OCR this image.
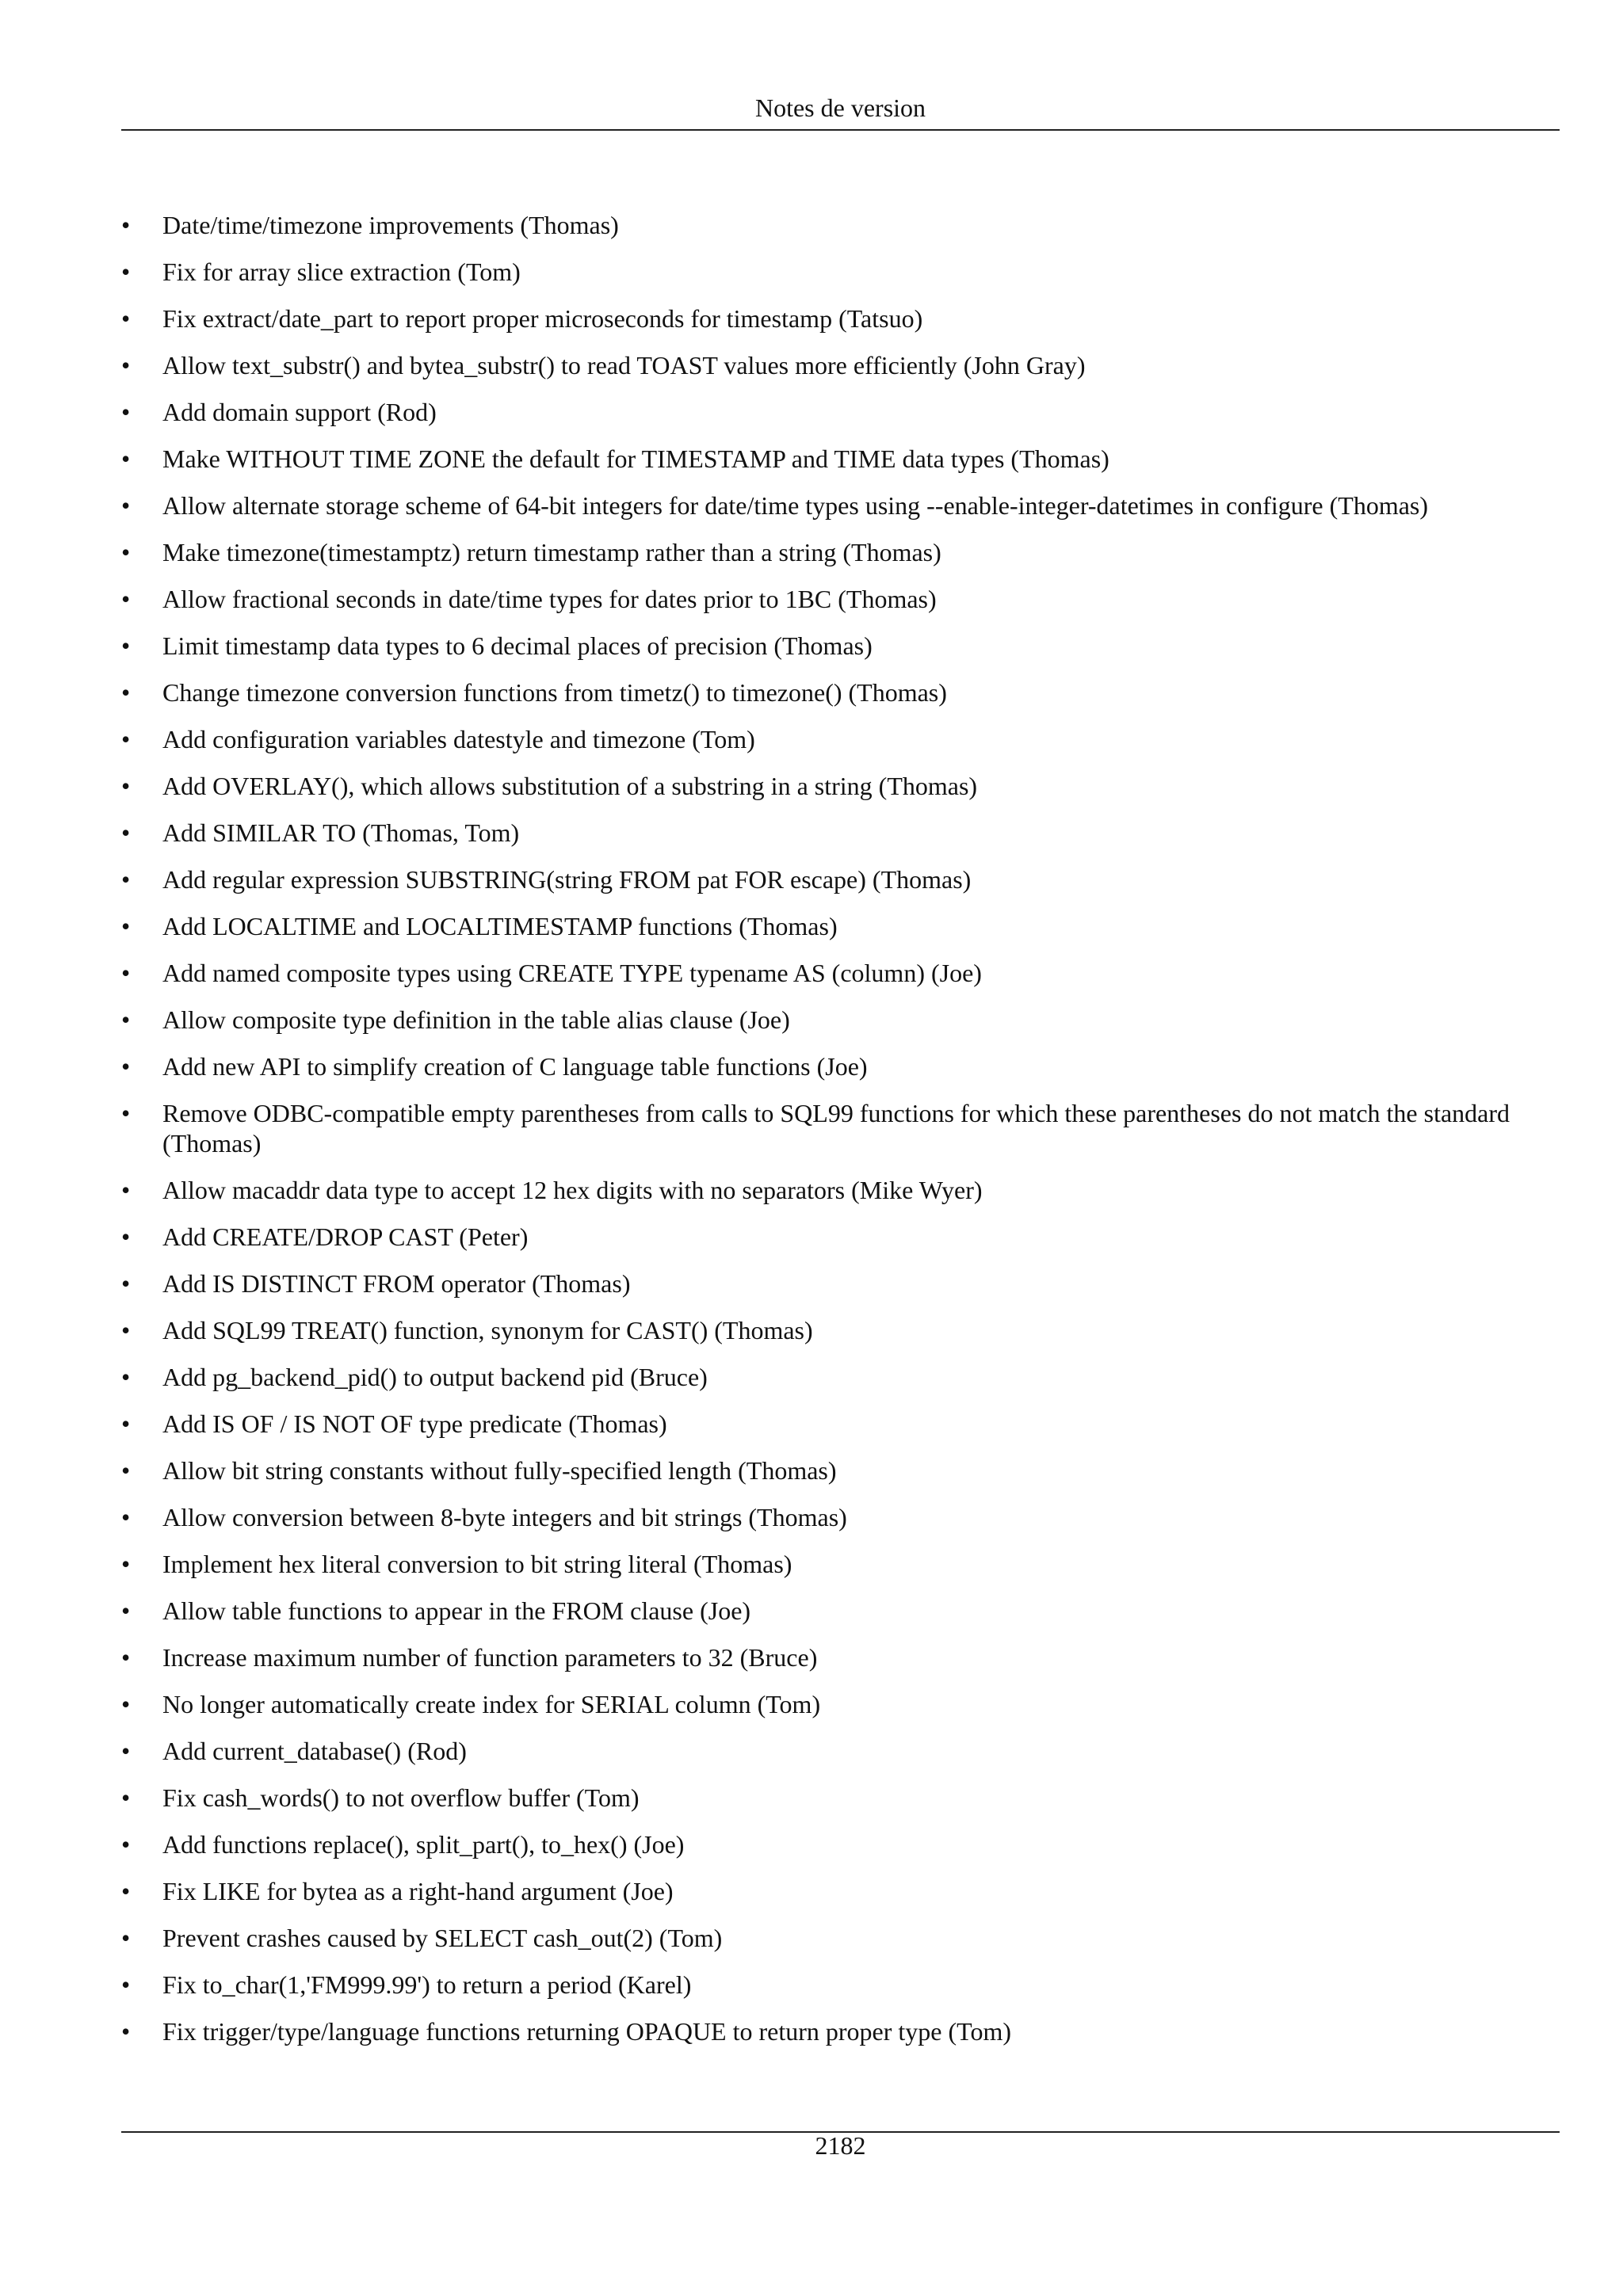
Notes de version
• Date/time/timezone improvements (Thomas)
• Fix for array slice extraction (Tom)
• Fix extract/date_part to report proper microseconds for timestamp (Tatsuo)
• Allow text_substr() and bytea_substr() to read TOAST values more efficiently (John Gray)
• Add domain support (Rod)
• Make WITHOUT TIME ZONE the default for TIMESTAMP and TIME data types (Thomas)
• Allow alternate storage scheme of 64-bit integers for date/time types using --enable-integer-datetimes in configure (Thomas)
• Make timezone(timestamptz) return timestamp rather than a string (Thomas)
• Allow fractional seconds in date/time types for dates prior to 1BC (Thomas)
• Limit timestamp data types to 6 decimal places of precision (Thomas)
• Change timezone conversion functions from timetz() to timezone() (Thomas)
• Add configuration variables datestyle and timezone (Tom)
• Add OVERLAY(), which allows substitution of a substring in a string (Thomas)
• Add SIMILAR TO (Thomas, Tom)
• Add regular expression SUBSTRING(string FROM pat FOR escape) (Thomas)
• Add LOCALTIME and LOCALTIMESTAMP functions (Thomas)
• Add named composite types using CREATE TYPE typename AS (column) (Joe)
• Allow composite type definition in the table alias clause (Joe)
• Add new API to simplify creation of C language table functions (Joe)
• Remove ODBC-compatible empty parentheses from calls to SQL99 functions for which these parentheses do not match the standard (Thomas)
• Allow macaddr data type to accept 12 hex digits with no separators (Mike Wyer)
• Add CREATE/DROP CAST (Peter)
• Add IS DISTINCT FROM operator (Thomas)
• Add SQL99 TREAT() function, synonym for CAST() (Thomas)
• Add pg_backend_pid() to output backend pid (Bruce)
• Add IS OF / IS NOT OF type predicate (Thomas)
• Allow bit string constants without fully-specified length (Thomas)
• Allow conversion between 8-byte integers and bit strings (Thomas)
• Implement hex literal conversion to bit string literal (Thomas)
• Allow table functions to appear in the FROM clause (Joe)
• Increase maximum number of function parameters to 32 (Bruce)
• No longer automatically create index for SERIAL column (Tom)
• Add current_database() (Rod)
• Fix cash_words() to not overflow buffer (Tom)
• Add functions replace(), split_part(), to_hex() (Joe)
• Fix LIKE for bytea as a right-hand argument (Joe)
• Prevent crashes caused by SELECT cash_out(2) (Tom)
• Fix to_char(1,'FM999.99') to return a period (Karel)
• Fix trigger/type/language functions returning OPAQUE to return proper type (Tom)
2182
